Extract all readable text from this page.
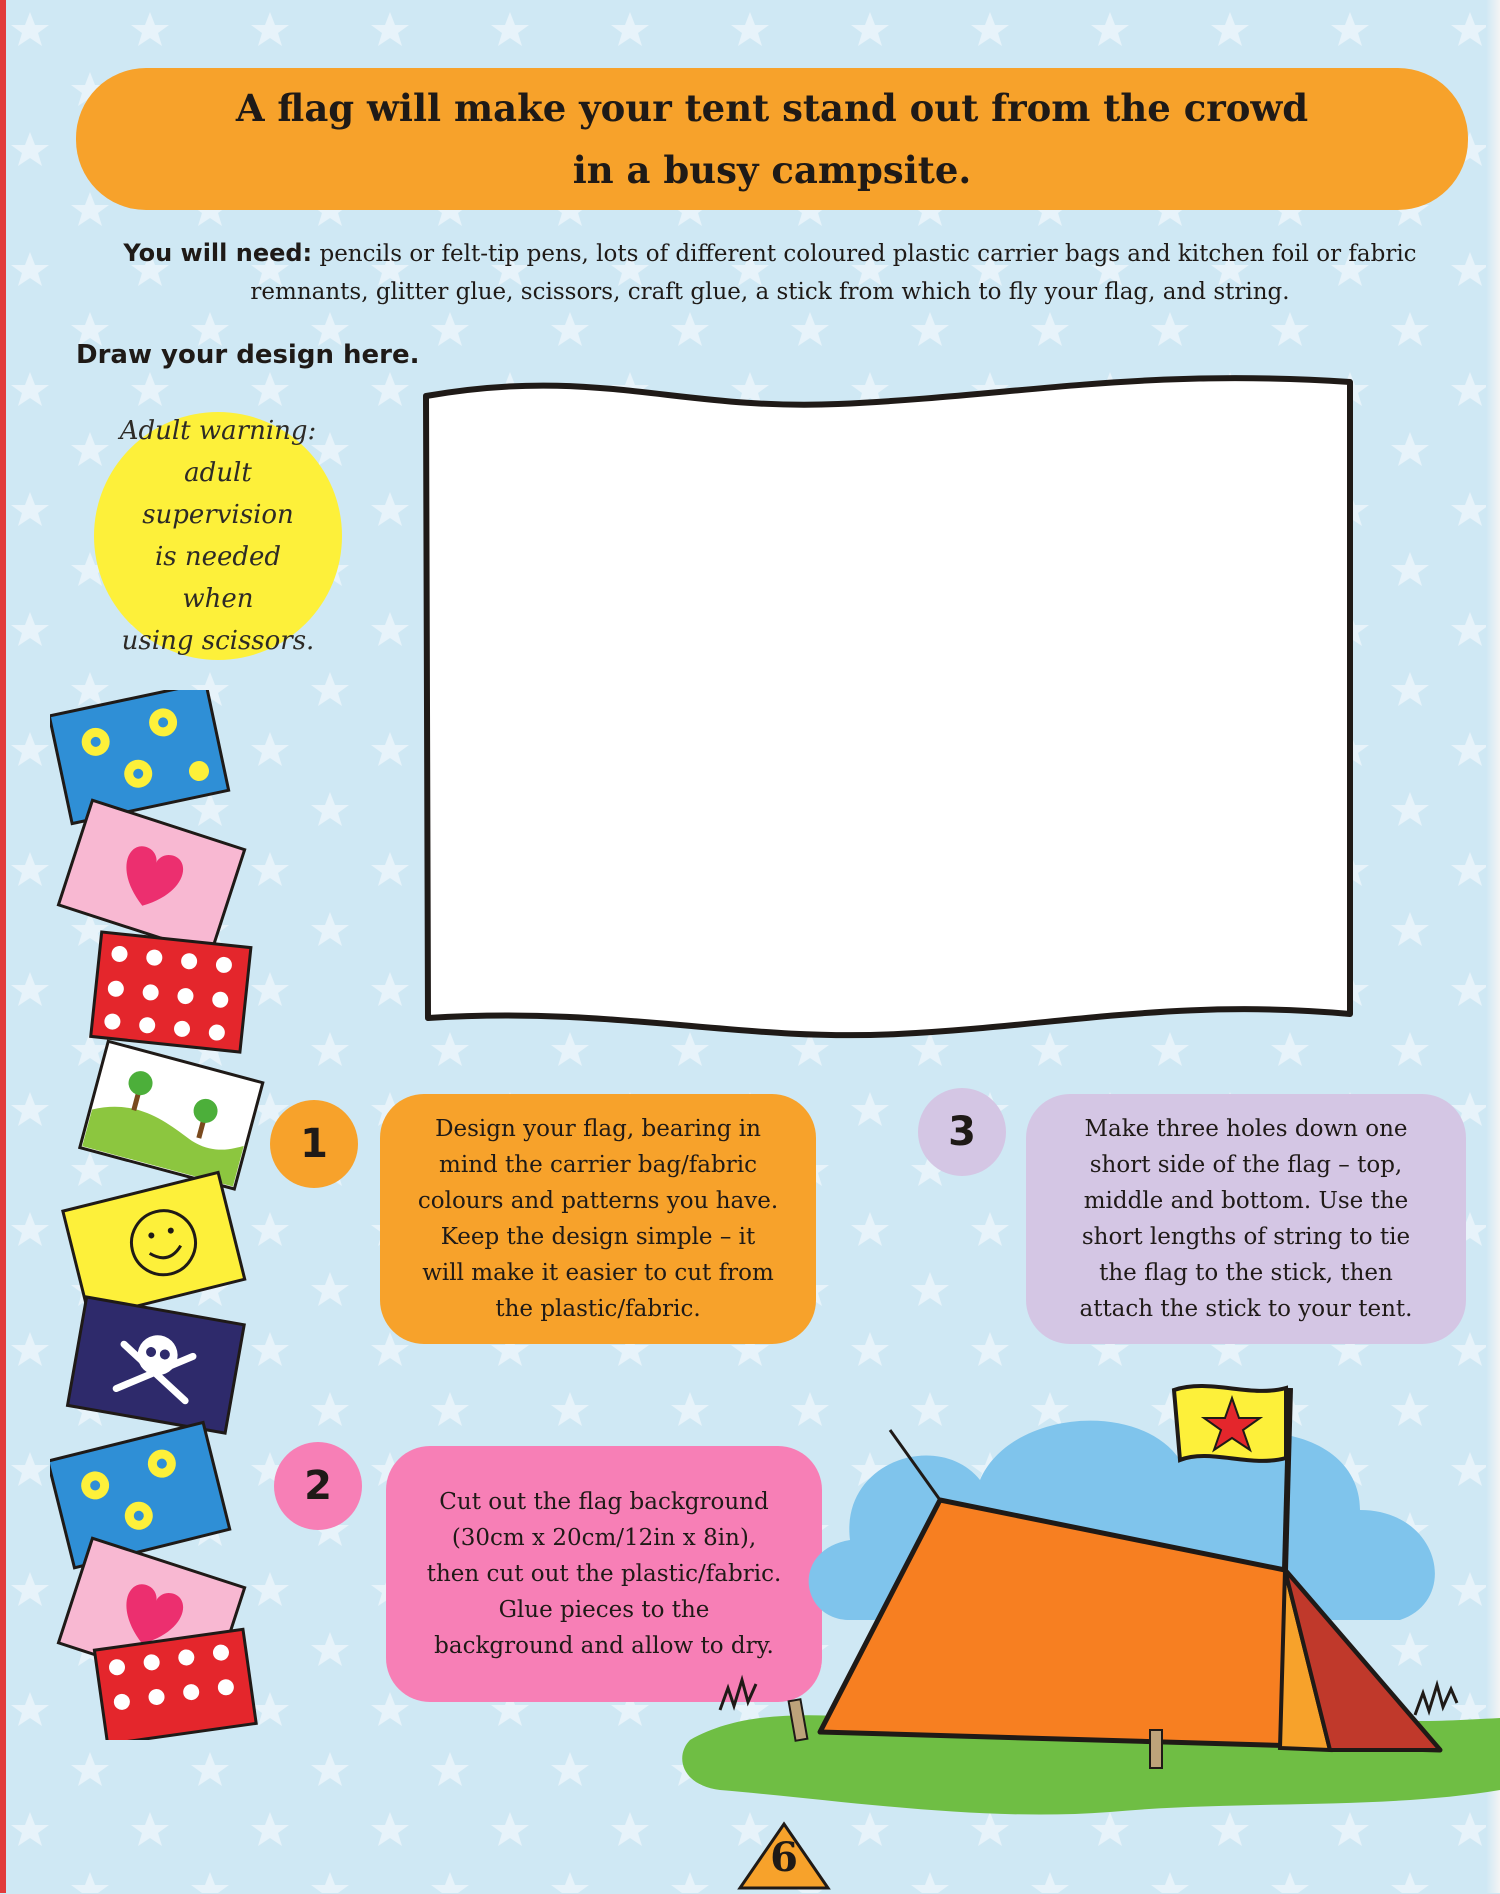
A flag will make your tent stand out from the crowd
in a busy campsite.
You will need: pencils or felt-tip pens, lots of different coloured plastic carrier bags and kitchen foil or fabric remnants, glitter glue, scissors, craft glue, a stick from which to fly your flag, and string.
Draw your design here.
Adult warning:
adult supervision
is needed when
using scissors.
1	Design your flag, bearing in
mind the carrier bag/fabric
colours and patterns you have.
Keep the design simple – it
will make it easier to cut from
the plastic/fabric.
3	Make three holes down one
short side of the flag – top,
middle and bottom. Use the
short lengths of string to tie
the flag to the stick, then
attach the stick to your tent.
2	Cut out the flag background
(30cm x 20cm/12in x 8in),
then cut out the plastic/fabric.
Glue pieces to the
background and allow to dry.
6
